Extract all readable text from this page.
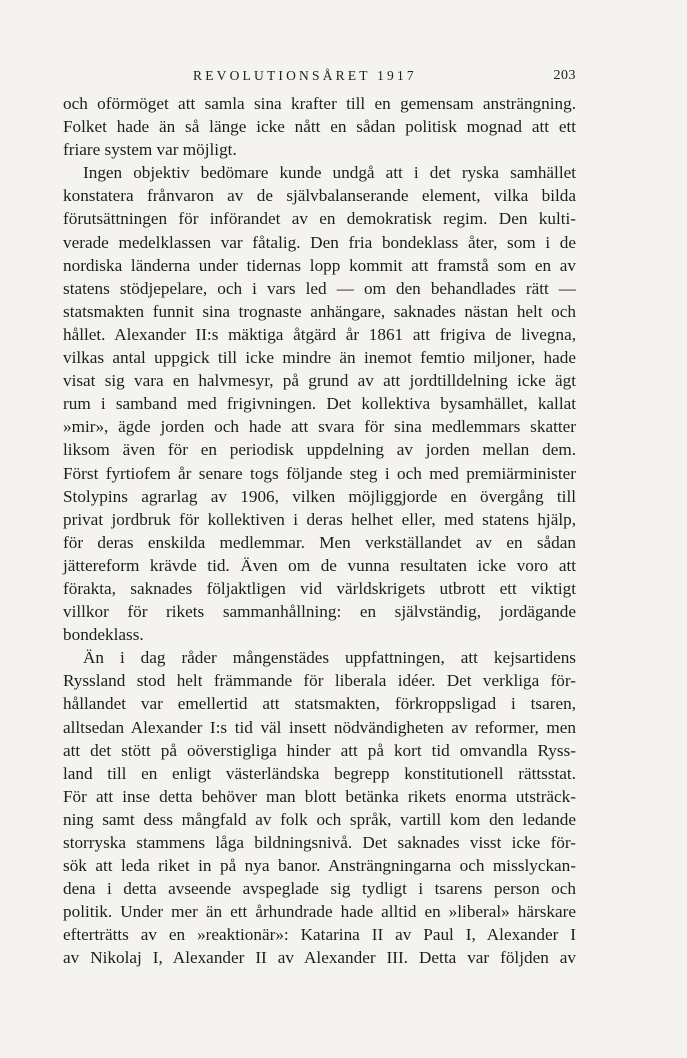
REVOLUTIONSÅRET 1917	203
och oförmöget att samla sina krafter till en gemensam ansträngning.
Folket hade än så länge icke nått en sådan politisk mognad att ett
friare system var möjligt.
Ingen objektiv bedömare kunde undgå att i det ryska samhället
konstatera frånvaron av de självbalanserande element, vilka bilda
förutsättningen för införandet av en demokratisk regim. Den kulti-
verade medelklassen var fåtalig. Den fria bondeklass åter, som i de
nordiska länderna under tidernas lopp kommit att framstå som en av
statens stödjepelare, och i vars led — om den behandlades rätt —
statsmakten funnit sina trognaste anhängare, saknades nästan helt och
hållet. Alexander II:s mäktiga åtgärd år 1861 att frigiva de livegna,
vilkas antal uppgick till icke mindre än inemot femtio miljoner, hade
visat sig vara en halvmesyr, på grund av att jordtilldelning icke ägt
rum i samband med frigivningen. Det kollektiva bysamhället, kallat
»mir», ägde jorden och hade att svara för sina medlemmars skatter
liksom även för en periodisk uppdelning av jorden mellan dem.
Först fyrtiofem år senare togs följande steg i och med premiärminister
Stolypins agrarlag av 1906, vilken möjliggjorde en övergång till
privat jordbruk för kollektiven i deras helhet eller, med statens hjälp,
för deras enskilda medlemmar. Men verkställandet av en sådan
jättereform krävde tid. Även om de vunna resultaten icke voro att
förakta, saknades följaktligen vid världskrigets utbrott ett viktigt
villkor för rikets sammanhållning: en självständig, jordägande
bondeklass.
Än i dag råder mångenstädes uppfattningen, att kejsartidens
Ryssland stod helt främmande för liberala idéer. Det verkliga för-
hållandet var emellertid att statsmakten, förkroppsligad i tsaren,
alltsedan Alexander I:s tid väl insett nödvändigheten av reformer, men
att det stött på oöverstigliga hinder att på kort tid omvandla Ryss-
land till en enligt västerländska begrepp konstitutionell rättsstat.
För att inse detta behöver man blott betänka rikets enorma utsträck-
ning samt dess mångfald av folk och språk, vartill kom den ledande
storryska stammens låga bildningsnivå. Det saknades visst icke för-
sök att leda riket in på nya banor. Ansträngningarna och misslyckan-
dena i detta avseende avspeglade sig tydligt i tsarens person och
politik. Under mer än ett århundrade hade alltid en »liberal» härskare
efterträtts av en »reaktionär»: Katarina II av Paul I, Alexander I
av Nikolaj I, Alexander II av Alexander III. Detta var följden av
